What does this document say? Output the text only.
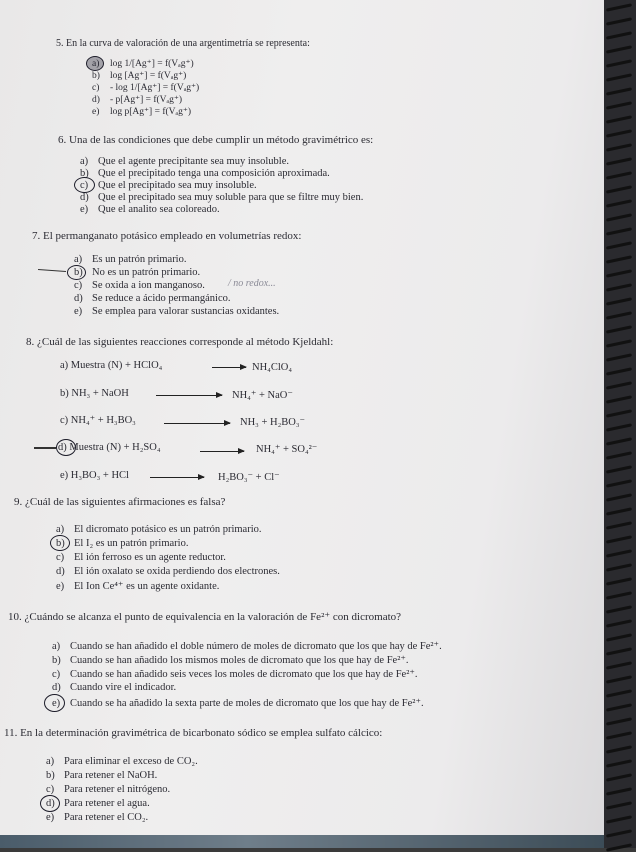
5. En la curva de valoración de una argentimetría se representa:
a) log 1/[Ag⁺] = f(Vₐg⁺)
b) log [Ag⁺] = f(Vₐg⁺)
c) - log 1/[Ag⁺] = f(Vₐg⁺)
d) - p[Ag⁺] = f(Vₐg⁺)
e) log p[Ag⁺] = f(Vₐg⁺)
6. Una de las condiciones que debe cumplir un método gravimétrico es:
a) Que el agente precipitante sea muy insoluble.
b) Que el precipitado tenga una composición aproximada.
c) Que el precipitado sea muy insoluble.
d) Que el precipitado sea muy soluble para que se filtre muy bien.
e) Que el analito sea coloreado.
7. El permanganato potásico empleado en volumetrías redox:
a) Es un patrón primario.
b) No es un patrón primario.
c) Se oxida a ion manganoso.
d) Se reduce a ácido permangánico.
e) Se emplea para valorar sustancias oxidantes.
/ no redox...
8. ¿Cuál de las siguientes reacciones corresponde al método Kjeldahl:
a) Muestra (N) + HClO₄	→ NH₄ClO₄
b) NH₃ + NaOH	NH₄⁺ + NaO⁻
c) NH₄⁺ + H₃BO₃	NH₃ + H₂BO₃⁻
d) Muestra (N) + H₂SO₄ → NH₄⁺ + SO₄²⁻
e) H₃BO₃ + HCl → H₂BO₃⁻ + Cl⁻
9. ¿Cuál de las siguientes afirmaciones es falsa?
a) El dicromato potásico es un patrón primario.
b) El I₂ es un patrón primario.
c) El ión ferroso es un agente reductor.
d) El ión oxalato se oxida perdiendo dos electrones.
e) El Ion Ce⁴⁺ es un agente oxidante.
10. ¿Cuándo se alcanza el punto de equivalencia en la valoración de Fe²⁺ con dicromato?
a) Cuando se han añadido el doble número de moles de dicromato que los que hay de Fe²⁺.
b) Cuando se han añadido los mismos moles de dicromato que los que hay de Fe²⁺.
c) Cuando se han añadido seis veces los moles de dicromato que los que hay de Fe²⁺.
d) Cuando vire el indicador.
e) Cuando se ha añadido la sexta parte de moles de dicromato que los que hay de Fe²⁺.
11. En la determinación gravimétrica de bicarbonato sódico se emplea sulfato cálcico:
a) Para eliminar el exceso de CO₂.
b) Para retener el NaOH.
c) Para retener el nitrógeno.
d) Para retener el agua.
e) Para retener el CO₂.
